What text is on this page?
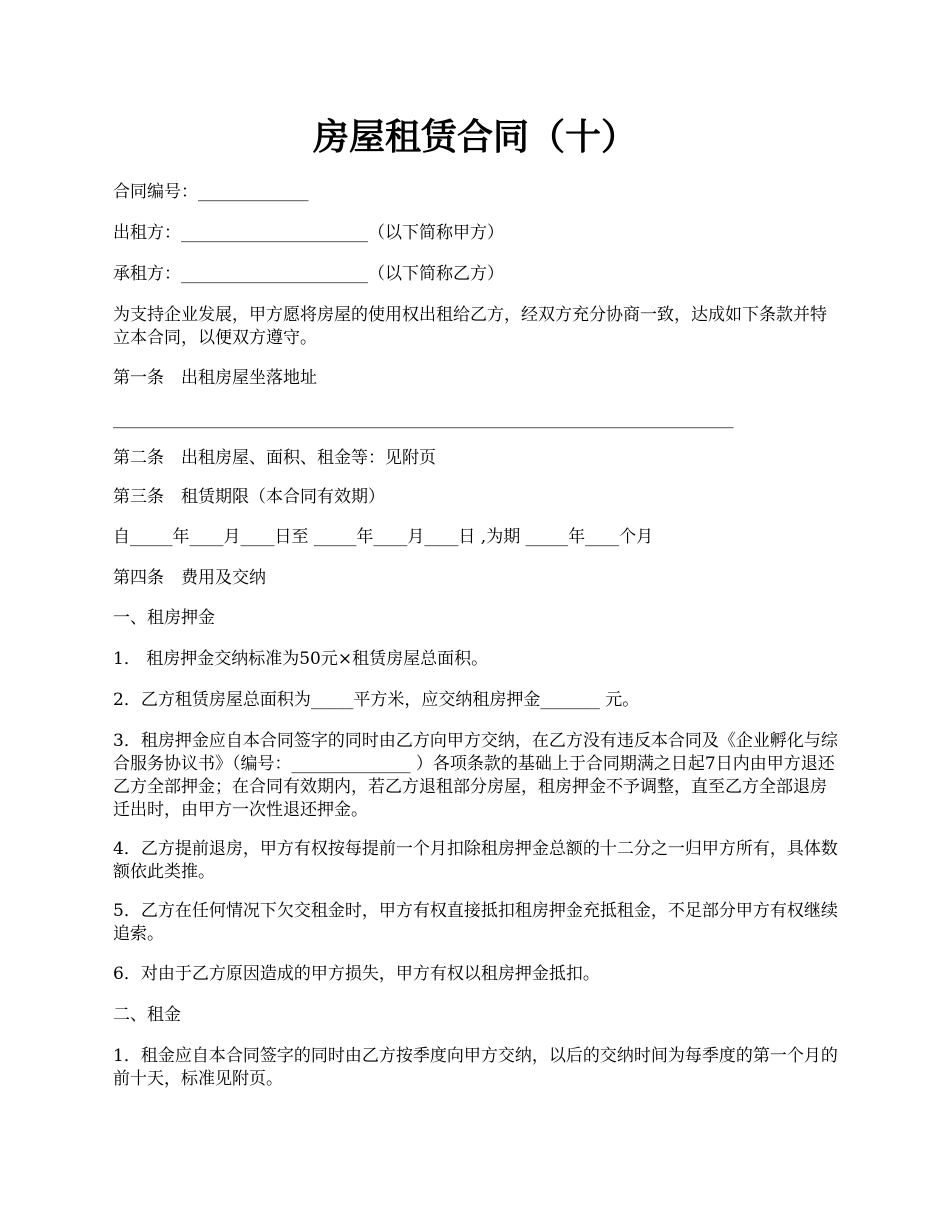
房屋租赁合同（十）
合同编号：_____________
出租方：______________________（以下简称甲方）
承租方：______________________（以下简称乙方）
为支持企业发展，甲方愿将房屋的使用权出租给乙方，经双方充分协商一致，达成如下条款并特立本合同，以便双方遵守。
第一条　出租房屋坐落地址
_________________________________________________________________________
第二条　出租房屋、面积、租金等：见附页
第三条　租赁期限（本合同有效期）
自_____年____月____日至 _____年____月____日 ,为期 _____年____个月
第四条　费用及交纳
一、租房押金
1． 租房押金交纳标准为50元×租赁房屋总面积。
2．乙方租赁房屋总面积为_____平方米，应交纳租房押金_______ 元。
3．租房押金应自本合同签字的同时由乙方向甲方交纳，在乙方没有违反本合同及《企业孵化与综合服务协议书》（编号：______________ ）各项条款的基础上于合同期满之日起7日内由甲方退还乙方全部押金；在合同有效期内，若乙方退租部分房屋，租房押金不予调整，直至乙方全部退房迁出时，由甲方一次性退还押金。
4．乙方提前退房，甲方有权按每提前一个月扣除租房押金总额的十二分之一归甲方所有，具体数额依此类推。
5．乙方在任何情况下欠交租金时，甲方有权直接抵扣租房押金充抵租金，不足部分甲方有权继续追索。
6．对由于乙方原因造成的甲方损失，甲方有权以租房押金抵扣。
二、租金
1．租金应自本合同签字的同时由乙方按季度向甲方交纳，以后的交纳时间为每季度的第一个月的前十天，标准见附页。
